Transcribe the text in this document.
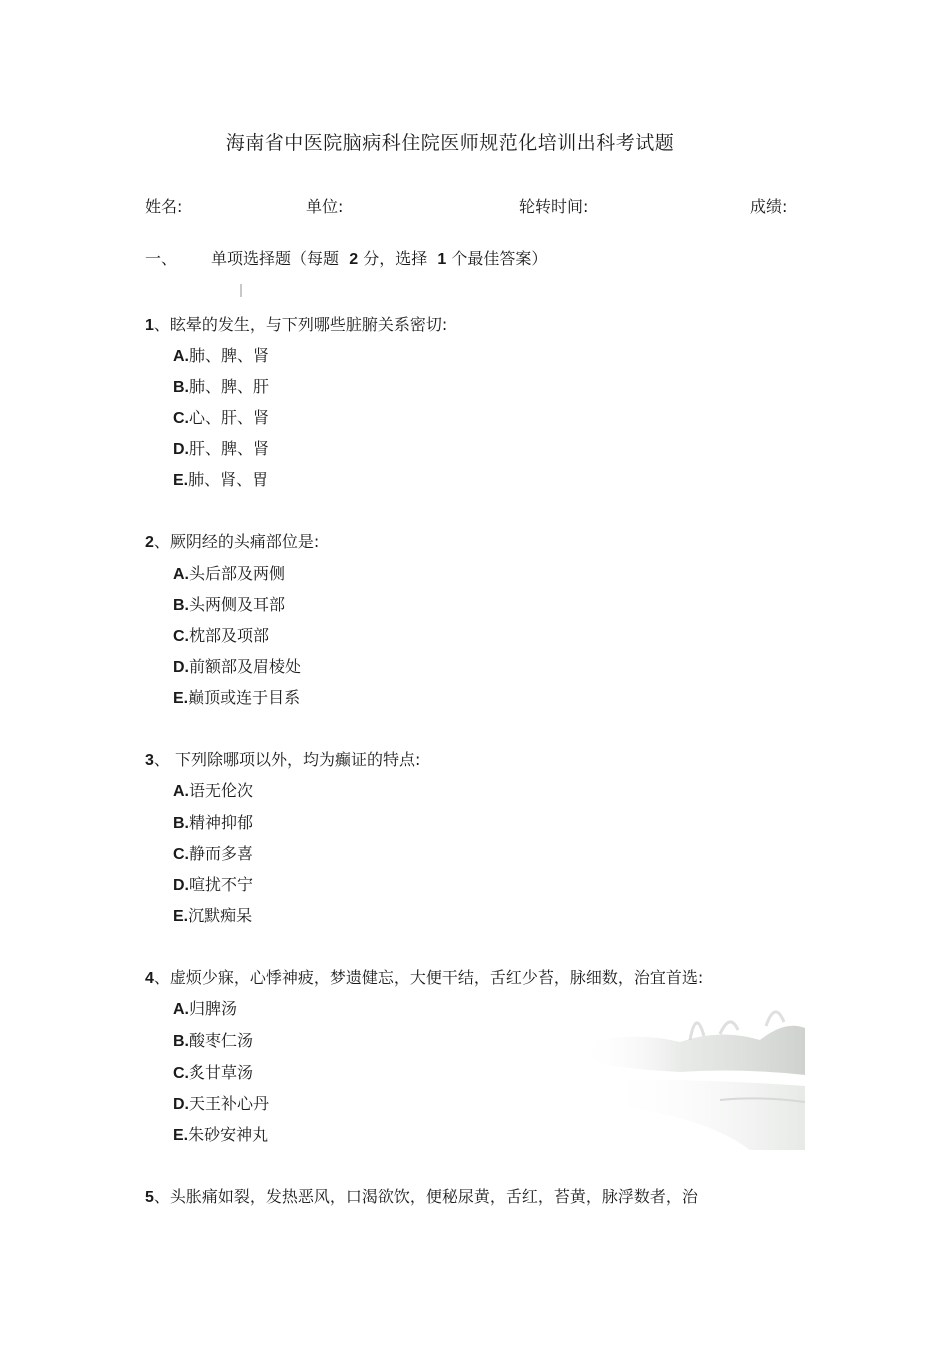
海南省中医院脑病科住院医师规范化培训出科考试题
姓名:	单位:	轮转时间:	成绩:
一、 单项选择题（每题 2 分，选择 1 个最佳答案）
1、眩晕的发生，与下列哪些脏腑关系密切:
A.肺、脾、肾
B.肺、脾、肝
C.心、肝、肾
D.肝、脾、肾
E.肺、肾、胃
2、厥阴经的头痛部位是:
A.头后部及两侧
B.头两侧及耳部
C.枕部及项部
D.前额部及眉棱处
E.巅顶或连于目系
3、 下列除哪项以外，均为癫证的特点:
A.语无伦次
B.精神抑郁
C.静而多喜
D.喧扰不宁
E.沉默痴呆
4、虚烦少寐，心悸神疲，梦遗健忘，大便干结，舌红少苔，脉细数，治宜首选:
A.归脾汤
B.酸枣仁汤
C.炙甘草汤
D.天王补心丹
E.朱砂安神丸
5、头胀痛如裂，发热恶风，口渴欲饮，便秘尿黄，舌红，苔黄，脉浮数者，治
